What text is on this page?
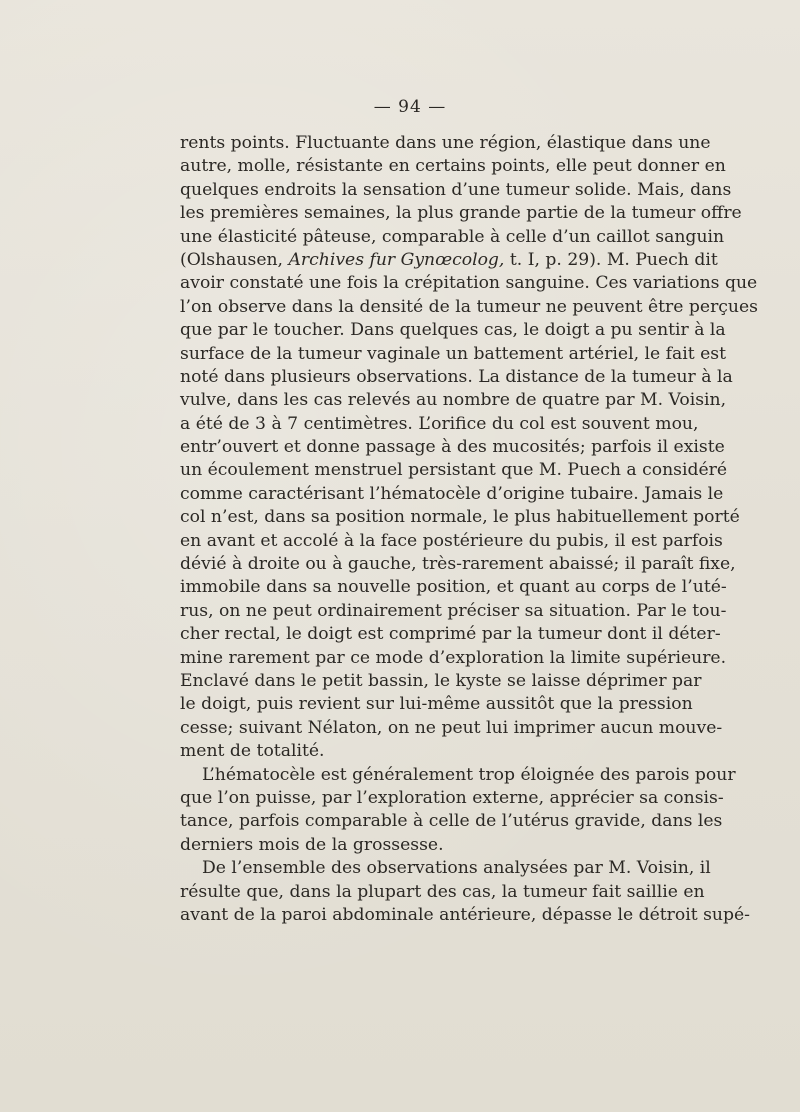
— 94 —
rents points. Fluctuante dans une région, élastique dans une
autre, molle, résistante en certains points, elle peut donner en
quelques endroits la sensation d’une tumeur solide. Mais, dans
les premières semaines, la plus grande partie de la tumeur offre
une élasticité pâteuse, comparable à celle d’un caillot sanguin
(Olshausen, Archives fur Gynœcolog, t. I, p. 29). M. Puech dit
avoir constaté une fois la crépitation sanguine. Ces variations que
l’on observe dans la densité de la tumeur ne peuvent être perçues
que par le toucher. Dans quelques cas, le doigt a pu sentir à la
surface de la tumeur vaginale un battement artériel, le fait est
noté dans plusieurs observations. La distance de la tumeur à la
vulve, dans les cas relevés au nombre de quatre par M. Voisin,
a été de 3 à 7 centimètres. L’orifice du col est souvent mou,
entr’ouvert et donne passage à des mucosités; parfois il existe
un écoulement menstruel persistant que M. Puech a considéré
comme caractérisant l’hématocèle d’origine tubaire. Jamais le
col n’est, dans sa position normale, le plus habituellement porté
en avant et accolé à la face postérieure du pubis, il est parfois
dévié à droite ou à gauche, très-rarement abaissé; il paraît fixe,
immobile dans sa nouvelle position, et quant au corps de l’uté-
rus, on ne peut ordinairement préciser sa situation. Par le tou-
cher rectal, le doigt est comprimé par la tumeur dont il déter-
mine rarement par ce mode d’exploration la limite supérieure.
Enclavé dans le petit bassin, le kyste se laisse déprimer par
le doigt, puis revient sur lui-même aussitôt que la pression
cesse; suivant Nélaton, on ne peut lui imprimer aucun mouve-
ment de totalité.
L’hématocèle est généralement trop éloignée des parois pour
que l’on puisse, par l’exploration externe, apprécier sa consis-
tance, parfois comparable à celle de l’utérus gravide, dans les
derniers mois de la grossesse.
De l’ensemble des observations analysées par M. Voisin, il
résulte que, dans la plupart des cas, la tumeur fait saillie en
avant de la paroi abdominale antérieure, dépasse le détroit supé-
